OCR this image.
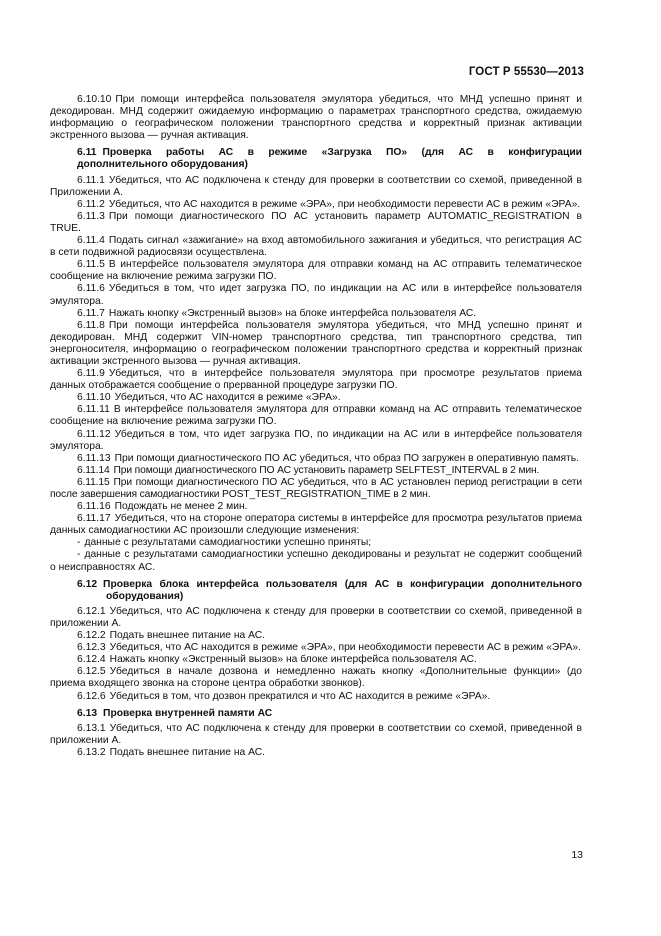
ГОСТ Р 55530—2013

6.10.10 При помощи интерфейса пользователя эмулятора убедиться, что МНД успешно принят и декодирован. МНД содержит ожидаемую информацию о параметрах транспортного средства, ожидаемую информацию о географическом положении транспортного средства и корректный признак активации экстренного вызова — ручная активация.

6.11 Проверка работы АС в режиме «Загрузка ПО» (для АС в конфигурации

дополнительного оборудования)

6.11.1 Убедиться, что АС подключена к стенду для проверки в соответствии со схемой, приведенной в Приложении А.

6.11.2 Убедиться, что АС находится в режиме «ЭРА», при необходимости перевести АС в режим «ЭРА».

6.11.3 При помощи диагностического ПО АС установить параметр AUTOMATIC_REGISTRATION в TRUE.

6.11.4 Подать сигнал «зажигание» на вход автомобильного зажигания и убедиться, что регистрация АС в сети подвижной радиосвязи осуществлена.

6.11.5 В интерфейсе пользователя эмулятора для отправки команд на АС отправить телематическое сообщение на включение режима загрузки ПО.

6.11.6 Убедиться в том, что идет загрузка ПО, по индикации на АС или в интерфейсе пользователя эмулятора.

6.11.7 Нажать кнопку «Экстренный вызов» на блоке интерфейса пользователя АС.

6.11.8 При помощи интерфейса пользователя эмулятора убедиться, что МНД успешно принят и декодирован. МНД содержит VIN-номер транспортного средства, тип транспортного средства, тип энергоносителя, информацию о географическом положении транспортного средства и корректный признак активации экстренного вызова — ручная активация.

6.11.9 Убедиться, что в интерфейсе пользователя эмулятора при просмотре результатов приема данных отображается сообщение о прерванной процедуре загрузки ПО.

6.11.10 Убедиться, что АС находится в режиме «ЭРА».

6.11.11 В интерфейсе пользователя эмулятора для отправки команд на АС отправить телематическое сообщение на включение режима загрузки ПО.

6.11.12 Убедиться в том, что идет загрузка ПО, по индикации на АС или в интерфейсе пользователя эмулятора.

6.11.13 При помощи диагностического ПО АС убедиться, что образ ПО загружен в оперативную память.

6.11.14 При помощи диагностического ПО АС установить параметр SELFTEST_INTERVAL в 2 мин.

6.11.15 При помощи диагностического ПО АС убедиться, что в АС установлен период регистрации в сети после завершения самодиагностики POST_TEST_REGISTRATION_TIME в 2 мин.

6.11.16 Подождать не менее 2 мин.

6.11.17 Убедиться, что на стороне оператора системы в интерфейсе для просмотра результатов приема данных самодиагностики АС произошли следующие изменения:

- данные с результатами самодиагностики успешно приняты;

- данные с результатами самодиагностики успешно декодированы и результат не содержит сообщений о неисправностях АС.

6.12 Проверка блока интерфейса пользователя (для АС в конфигурации дополнительного
оборудования)

6.12.1 Убедиться, что АС подключена к стенду для проверки в соответствии со схемой, приведенной в приложении А.

6.12.2 Подать внешнее питание на АС.

6.12.3 Убедиться, что АС находится в режиме «ЭРА», при необходимости перевести АС в режим «ЭРА».

6.12.4 Нажать кнопку «Экстренный вызов» на блоке интерфейса пользователя АС.

6.12.5 Убедиться в начале дозвона и немедленно нажать кнопку «Дополнительные функции» (до приема входящего звонка на стороне центра обработки звонков).

6.12.6 Убедиться в том, что дозвон прекратился и что АС находится в режиме «ЭРА».

6.13 Проверка внутренней памяти АС

6.13.1 Убедиться, что АС подключена к стенду для проверки в соответствии со схемой, приведенной в приложении А.

6.13.2 Подать внешнее питание на АС.

13
